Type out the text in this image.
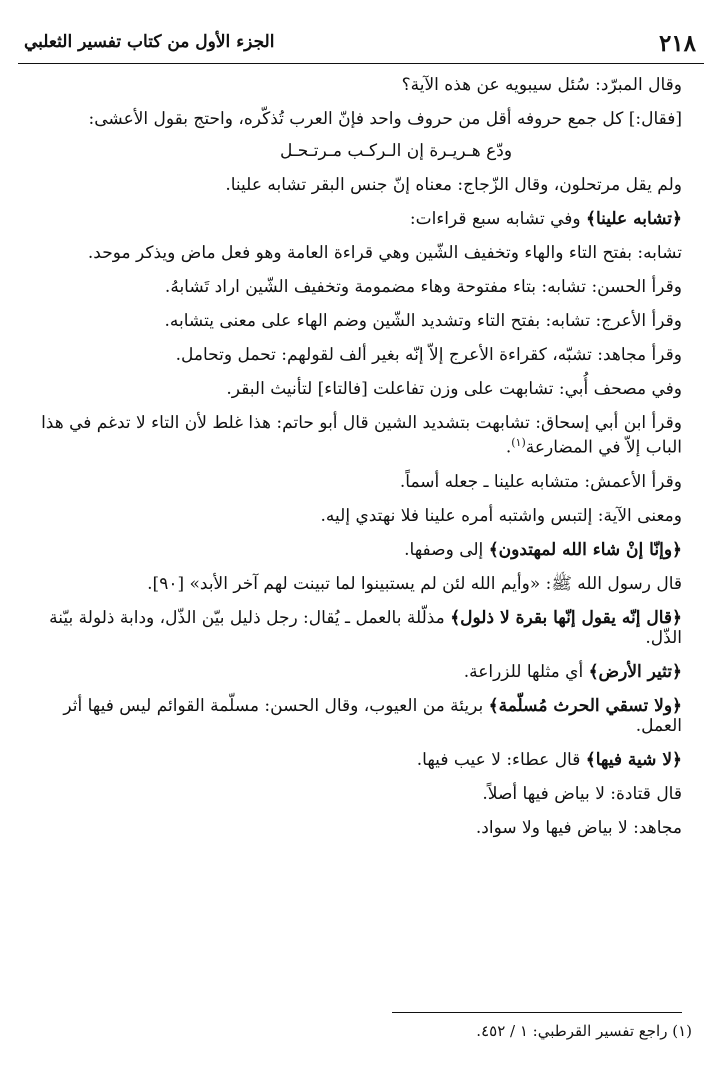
٢١٨
الجزء الأول من كتاب تفسير الثعلبي

وقال المبرّد: سُئل سيبويه عن هذه الآية؟

[فقال:] كل جمع حروفه أقل من حروف واحد فإنّ العرب تُذكّره، واحتج بقول الأعشى:

ودّع هـريـرة إن الـركـب مـرتـحـل

ولم يقل مرتحلون، وقال الزّجاج: معناه إنّ جنس البقر تشابه علينا.

﴿تشابه علينا﴾ وفي تشابه سبع قراءات:

تشابه: بفتح التاء والهاء وتخفيف الشّين وهي قراءة العامة وهو فعل ماض ويذكر موحد.

وقرأ الحسن: تشابه: بتاء مفتوحة وهاء مضمومة وتخفيف الشّين اراد تَشابهُ.

وقرأ الأعرج: تشابه: بفتح التاء وتشديد الشّين وضم الهاء على معنى يتشابه.

وقرأ مجاهد: تشبّه، كقراءة الأعرج إلاّ إنّه بغير ألف لقولهم: تحمل وتحامل.

وفي مصحف أُبي: تشابهت على وزن تفاعلت [فالتاء] لتأنيث البقر.

وقرأ ابن أبي إسحاق: تشابهت بتشديد الشين قال أبو حاتم: هذا غلط لأن التاء لا تدغم في هذا الباب إلاّ في المضارعة$^{(١)}$.

وقرأ الأعمش: متشابه علينا ـ جعله أسماً.

ومعنى الآية: إلتبس واشتبه أمره علينا فلا نهتدي إليه.

﴿وإنّا إنْ شاء الله لمهتدون﴾ إلى وصفها.

قال رسول الله ﷺ: «وأيم الله لئن لم يستبينوا لما تبينت لهم آخر الأبد» [٩٠].

﴿قال إنّه يقول إنّها بقرة لا ذلول﴾ مذلّلة بالعمل ـ يُقال: رجل ذليل بيّن الذّل، ودابة ذلولة بيّنة الذّل.

﴿تثير الأرض﴾ أي مثلها للزراعة.

﴿ولا تسقي الحرث مُسلّمة﴾ بريئة من العيوب، وقال الحسن: مسلّمة القوائم ليس فيها أثر العمل.

﴿لا شية فيها﴾ قال عطاء: لا عيب فيها.

قال قتادة: لا بياض فيها أصلاً.

مجاهد: لا بياض فيها ولا سواد.

(١) راجع تفسير القرطبي: ١ / ٤٥٢.
